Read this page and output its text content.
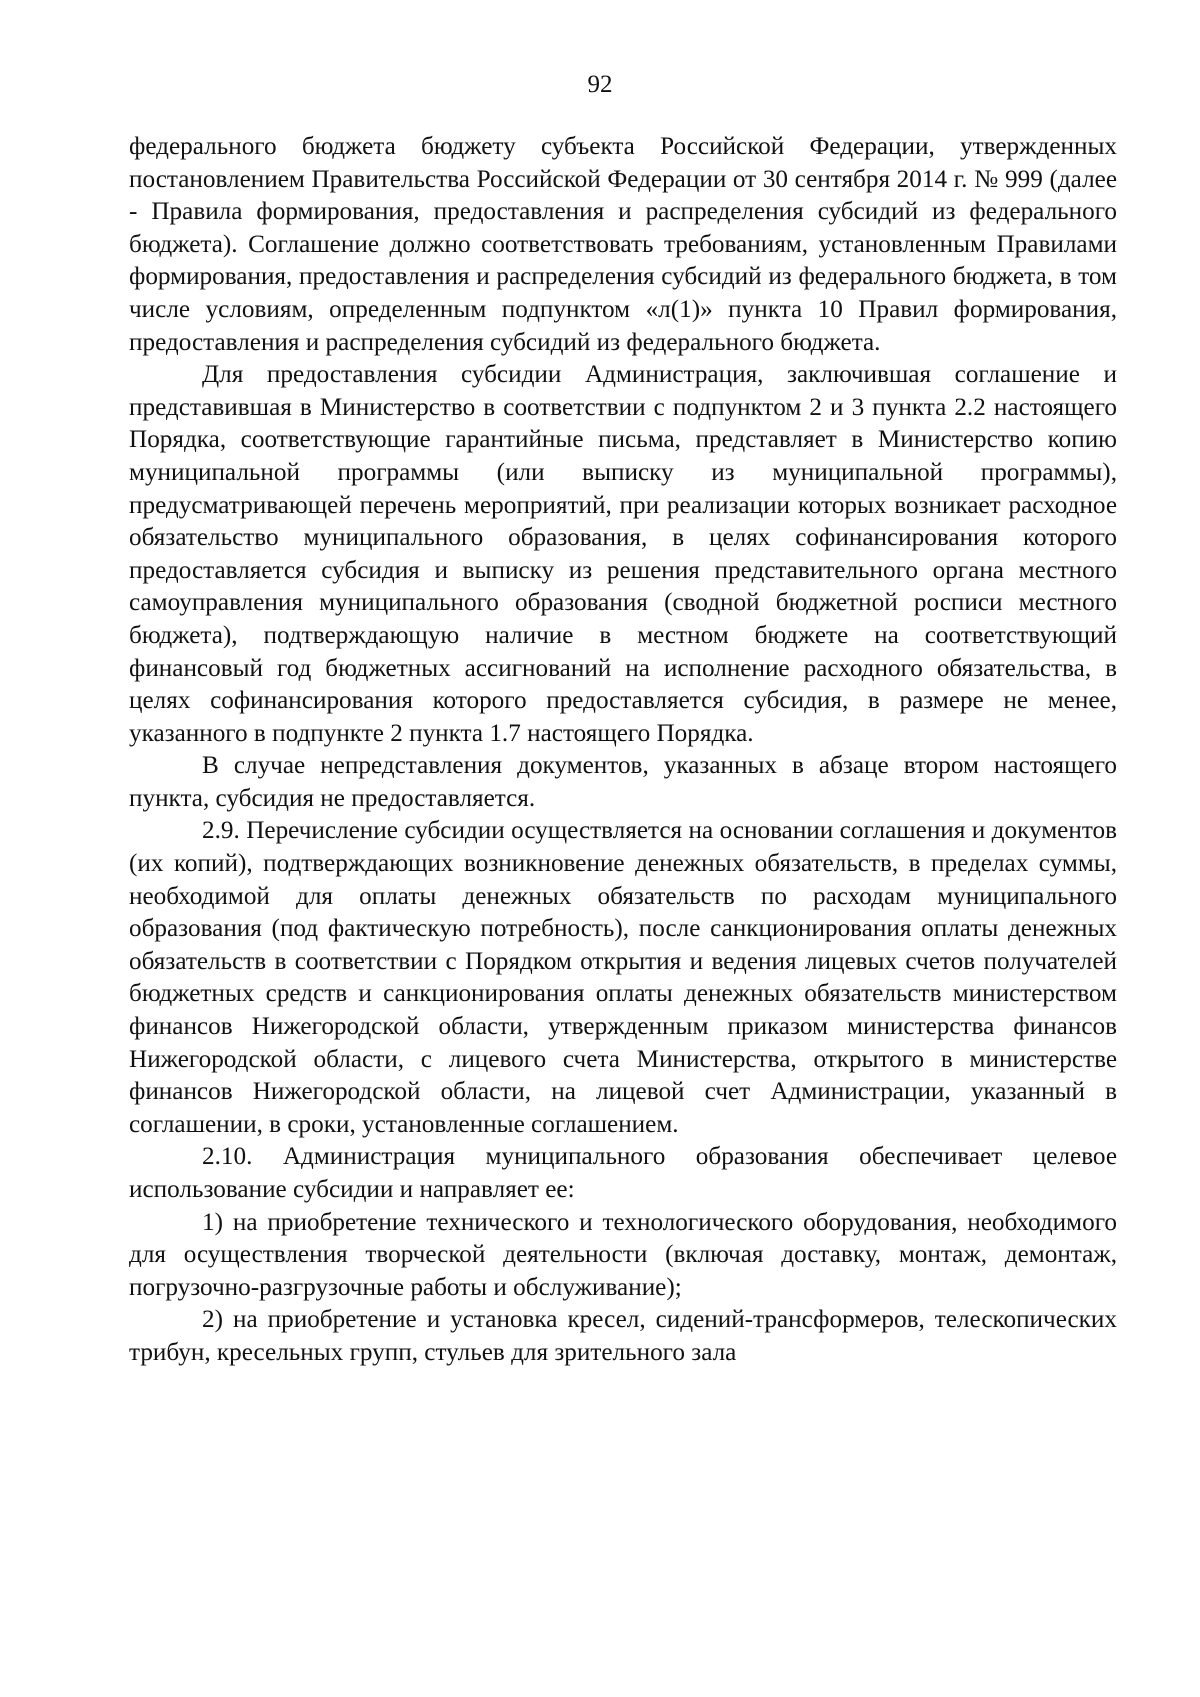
92

федерального бюджета бюджету субъекта Российской Федерации, утвержденных постановлением Правительства Российской Федерации от 30 сентября 2014 г. № 999 (далее - Правила формирования, предоставления и распределения субсидий из федерального бюджета). Соглашение должно соответствовать требованиям, установленным Правилами формирования, предоставления и распределения субсидий из федерального бюджета, в том числе условиям, определенным подпунктом «л(1)» пункта 10 Правил формирования, предоставления и распределения субсидий из федерального бюджета.

Для предоставления субсидии Администрация, заключившая соглашение и представившая в Министерство в соответствии с подпунктом 2 и 3 пункта 2.2 настоящего Порядка, соответствующие гарантийные письма, представляет в Министерство копию муниципальной программы (или выписку из муниципальной программы), предусматривающей перечень мероприятий, при реализации которых возникает расходное обязательство муниципального образования, в целях софинансирования которого предоставляется субсидия и выписку из решения представительного органа местного самоуправления муниципального образования (сводной бюджетной росписи местного бюджета), подтверждающую наличие в местном бюджете на соответствующий финансовый год бюджетных ассигнований на исполнение расходного обязательства, в целях софинансирования которого предоставляется субсидия, в размере не менее, указанного в подпункте 2 пункта 1.7 настоящего Порядка.

В случае непредставления документов, указанных в абзаце втором настоящего пункта, субсидия не предоставляется.

2.9. Перечисление субсидии осуществляется на основании соглашения и документов (их копий), подтверждающих возникновение денежных обязательств, в пределах суммы, необходимой для оплаты денежных обязательств по расходам муниципального образования (под фактическую потребность), после санкционирования оплаты денежных обязательств в соответствии с Порядком открытия и ведения лицевых счетов получателей бюджетных средств и санкционирования оплаты денежных обязательств министерством финансов Нижегородской области, утвержденным приказом министерства финансов Нижегородской области, с лицевого счета Министерства, открытого в министерстве финансов Нижегородской области, на лицевой счет Администрации, указанный в соглашении, в сроки, установленные соглашением.

2.10. Администрация муниципального образования обеспечивает целевое использование субсидии и направляет ее:

1) на приобретение технического и технологического оборудования, необходимого для осуществления творческой деятельности (включая доставку, монтаж, демонтаж, погрузочно-разгрузочные работы и обслуживание);

2) на приобретение и установка кресел, сидений-трансформеров, телескопических трибун, кресельных групп, стульев для зрительного зала
